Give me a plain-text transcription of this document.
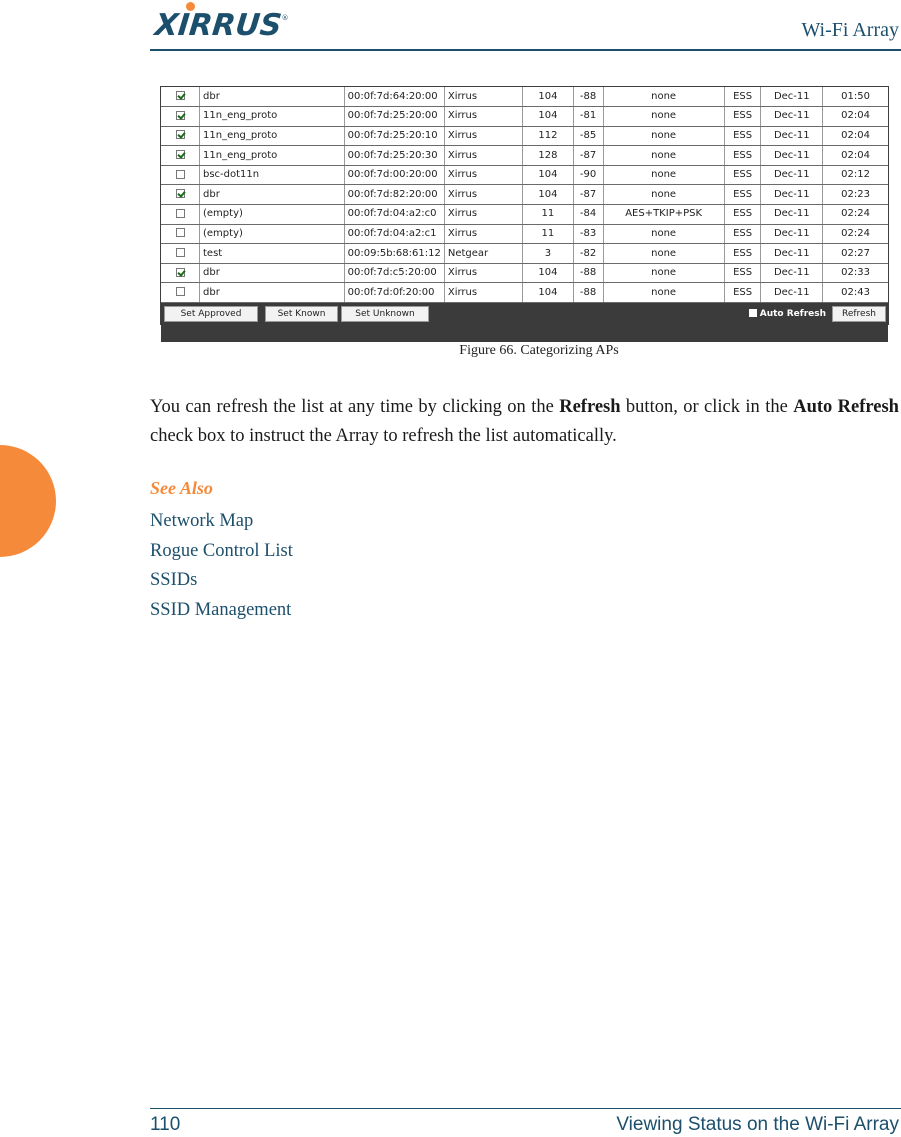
XIRRUS®
Wi-Fi Array
	dbr	00:0f:7d:64:20:00	Xirrus	104	-88	none	ESS	Dec-11	01:50
	11n_eng_proto	00:0f:7d:25:20:00	Xirrus	104	-81	none	ESS	Dec-11	02:04
	11n_eng_proto	00:0f:7d:25:20:10	Xirrus	112	-85	none	ESS	Dec-11	02:04
	11n_eng_proto	00:0f:7d:25:20:30	Xirrus	128	-87	none	ESS	Dec-11	02:04
	bsc-dot11n	00:0f:7d:00:20:00	Xirrus	104	-90	none	ESS	Dec-11	02:12
	dbr	00:0f:7d:82:20:00	Xirrus	104	-87	none	ESS	Dec-11	02:23
	(empty)	00:0f:7d:04:a2:c0	Xirrus	11	-84	AES+TKIP+PSK	ESS	Dec-11	02:24
	(empty)	00:0f:7d:04:a2:c1	Xirrus	11	-83	none	ESS	Dec-11	02:24
	test	00:09:5b:68:61:12	Netgear	3	-82	none	ESS	Dec-11	02:27
	dbr	00:0f:7d:c5:20:00	Xirrus	104	-88	none	ESS	Dec-11	02:33
	dbr	00:0f:7d:0f:20:00	Xirrus	104	-88	none	ESS	Dec-11	02:43
Set Approved	Set Known	Set Unknown	Auto Refresh	Refresh
Figure 66. Categorizing APs
You can refresh the list at any time by clicking on the Refresh button, or click in the Auto Refresh check box to instruct the Array to refresh the list automatically.
See Also
Network Map
Rogue Control List
SSIDs
SSID Management
110	Viewing Status on the Wi-Fi Array
